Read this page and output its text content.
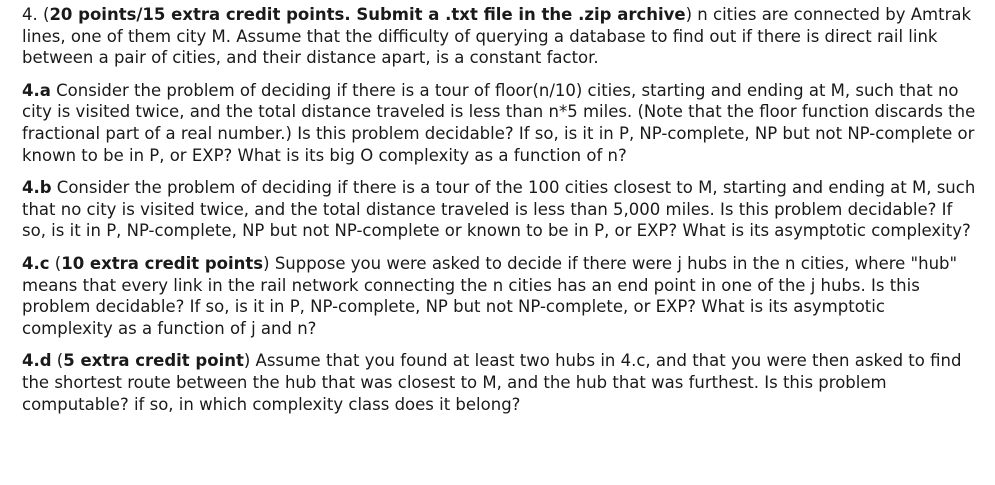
4. (20 points/15 extra credit points. Submit a .txt file in the .zip archive) n cities are connected by Amtrak lines, one of them city M. Assume that the difficulty of querying a database to find out if there is direct rail link between a pair of cities, and their distance apart, is a constant factor.

4.a Consider the problem of deciding if there is a tour of floor(n/10) cities, starting and ending at M, such that no city is visited twice, and the total distance traveled is less than n*5 miles. (Note that the floor function discards the fractional part of a real number.) Is this problem decidable? If so, is it in P, NP-complete, NP but not NP-complete or known to be in P, or EXP? What is its big O complexity as a function of n?

4.b Consider the problem of deciding if there is a tour of the 100 cities closest to M, starting and ending at M, such that no city is visited twice, and the total distance traveled is less than 5,000 miles. Is this problem decidable? If so, is it in P, NP-complete, NP but not NP-complete or known to be in P, or EXP? What is its asymptotic complexity?

4.c (10 extra credit points) Suppose you were asked to decide if there were j hubs in the n cities, where "hub" means that every link in the rail network connecting the n cities has an end point in one of the j hubs. Is this problem decidable? If so, is it in P, NP-complete, NP but not NP-complete, or EXP? What is its asymptotic complexity as a function of j and n?

4.d (5 extra credit point) Assume that you found at least two hubs in 4.c, and that you were then asked to find the shortest route between the hub that was closest to M, and the hub that was furthest. Is this problem computable? if so, in which complexity class does it belong?
